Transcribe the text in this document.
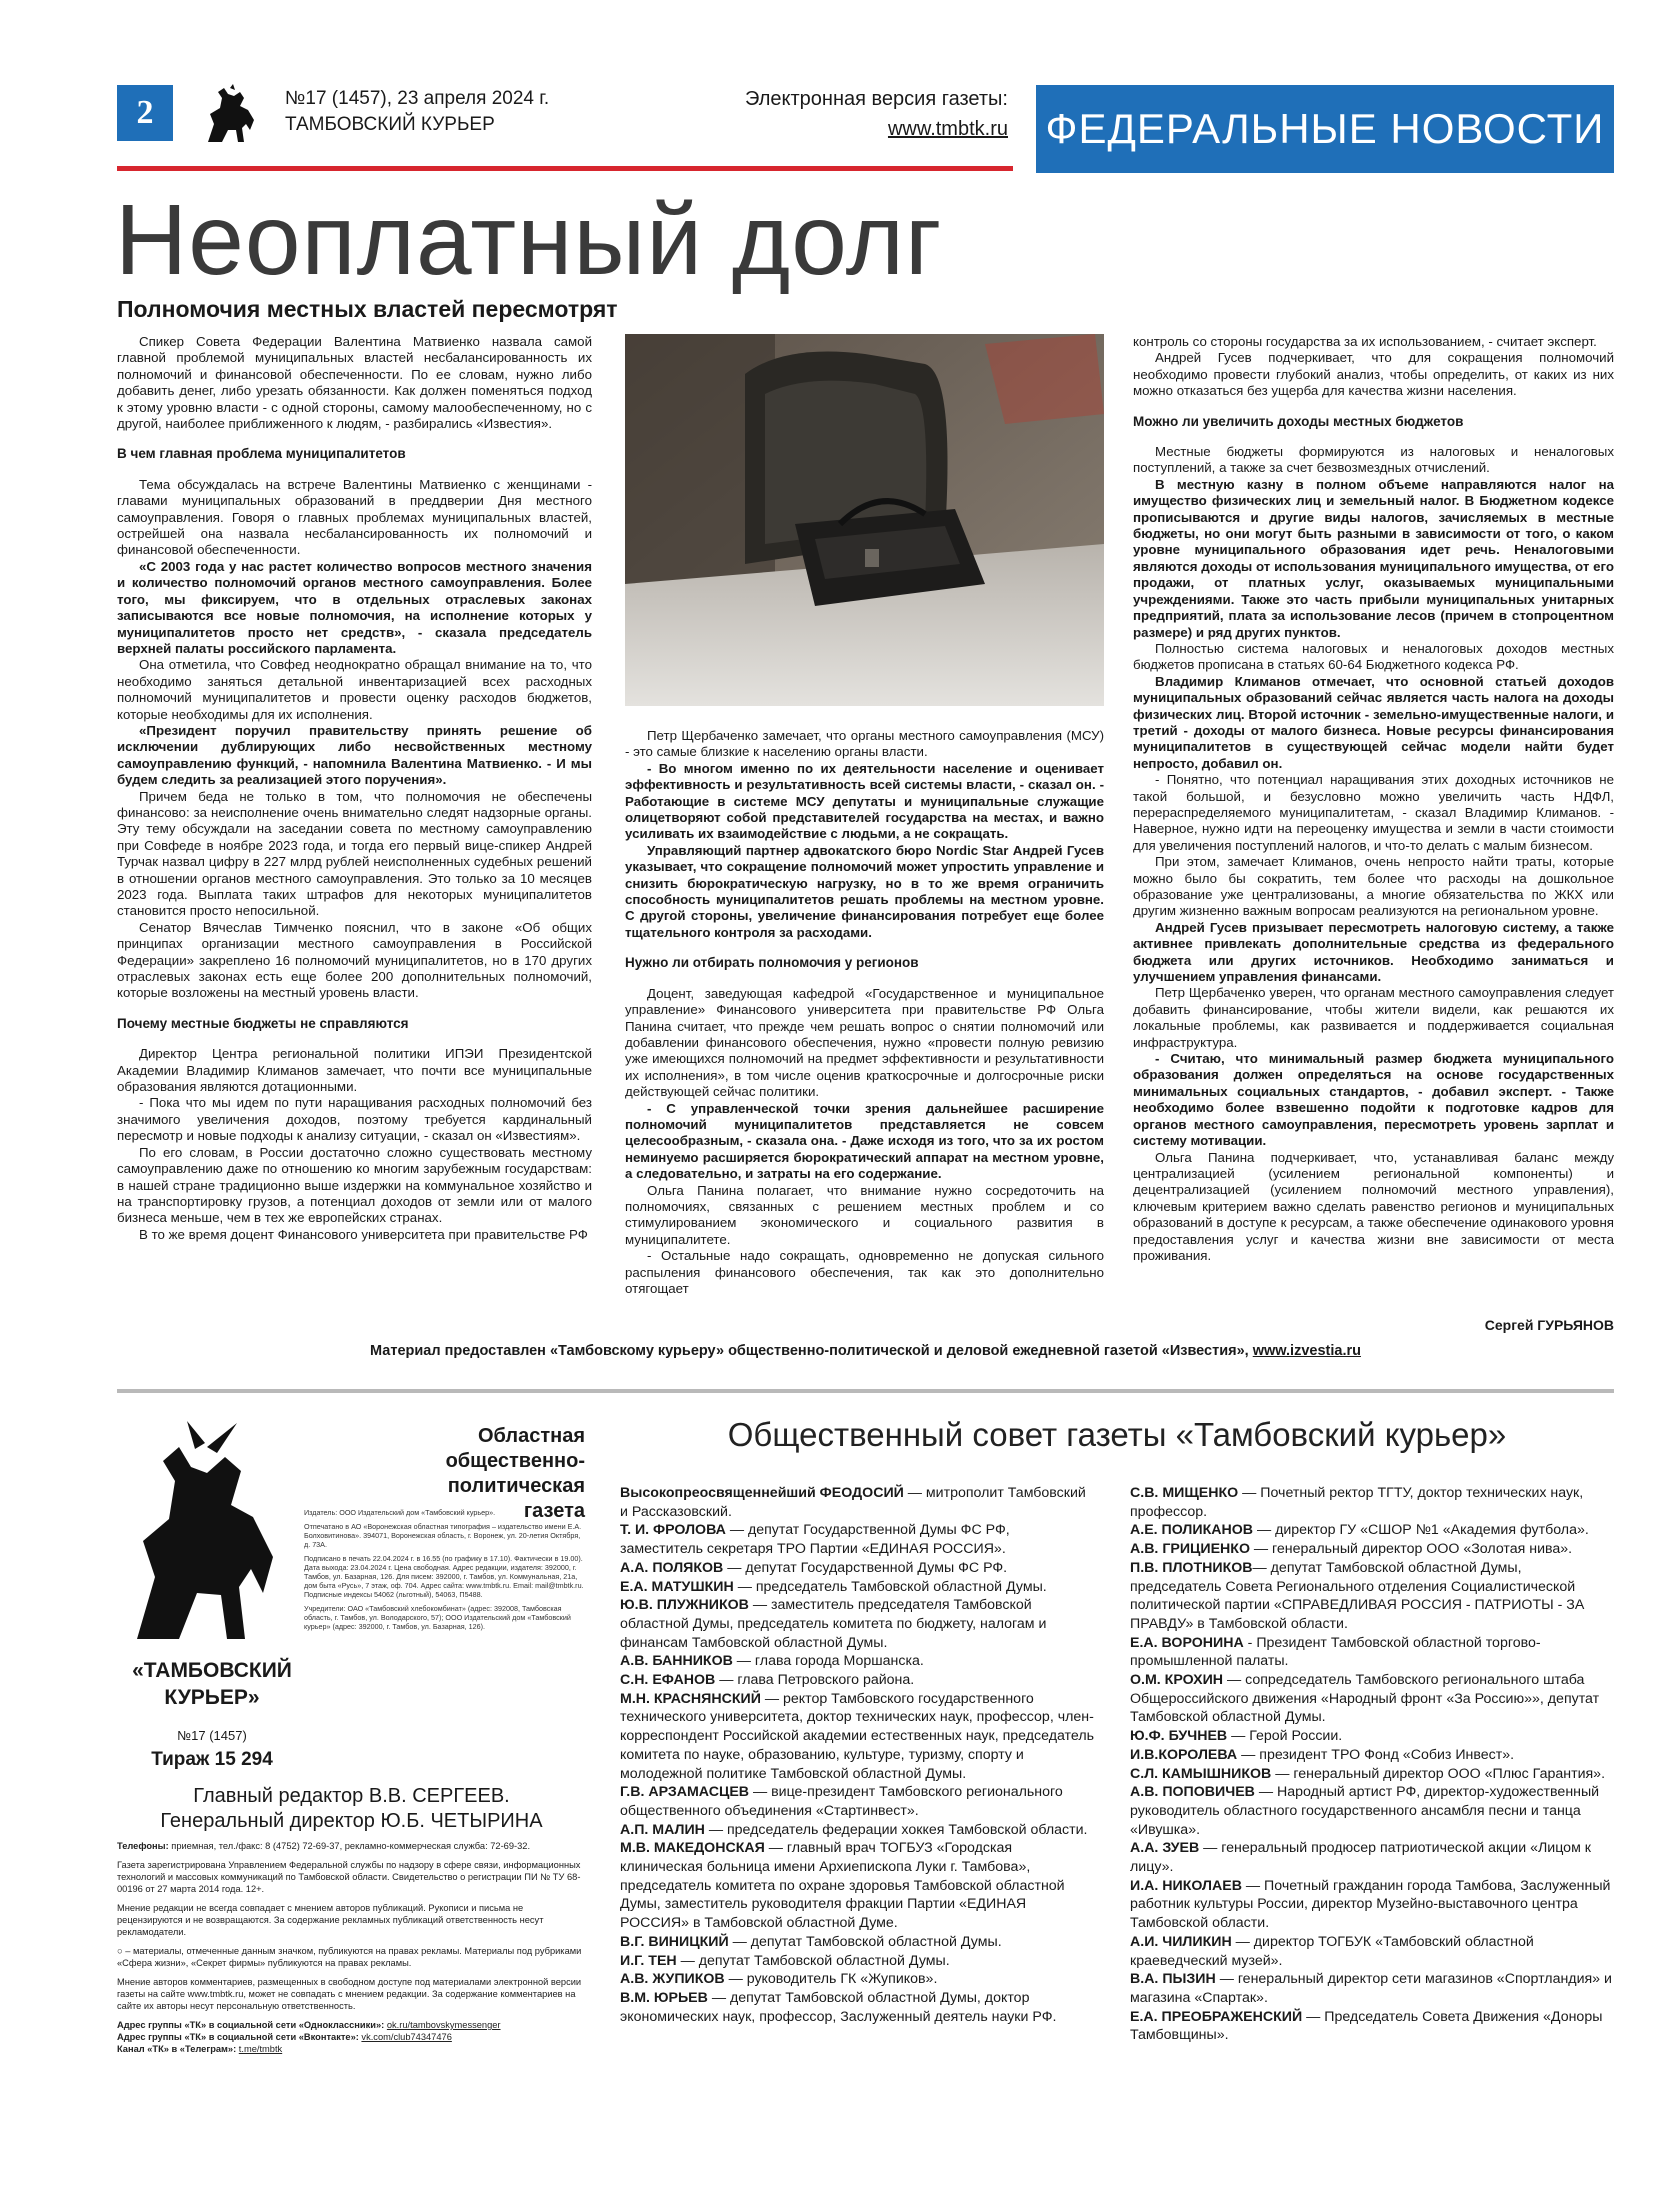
2	№17 (1457), 23 апреля 2024 г.
ТАМБОВСКИЙ КУРЬЕР
Электронная версия газеты:
www.tmbtk.ru ФЕДЕРАЛЬНЫЕ НОВОСТИ
Неоплатный долг
Полномочия местных властей пересмотрят

Спикер Совета Федерации Валентина Матвиенко назвала самой главной проблемой муниципальных властей несбалансированность их полномочий и финансовой обеспеченности. По ее словам, нужно либо добавить денег, либо урезать обязанности. Как должен поменяться подход к этому уровню власти - с одной стороны, самому малообеспеченному, но с другой, наиболее приближенного к людям, - разбирались «Известия».

В чем главная проблема муниципалитетов

Тема обсуждалась на встрече Валентины Матвиенко с женщинами - главами муниципальных образований в преддверии Дня местного самоуправления. Говоря о главных проблемах муниципальных властей, острейшей она назвала несбалансированность их полномочий и финансовой обеспеченности.

«С 2003 года у нас растет количество вопросов местного значения и количество полномочий органов местного самоуправления. Более того, мы фиксируем, что в отдельных отраслевых законах записываются все новые полномочия, на исполнение которых у муниципалитетов просто нет средств», - сказала председатель верхней палаты российского парламента.

Она отметила, что Совфед неоднократно обращал внимание на то, что необходимо заняться детальной инвентаризацией всех расходных полномочий муниципалитетов и провести оценку расходов бюджетов, которые необходимы для их исполнения.

«Президент поручил правительству принять решение об исключении дублирующих либо несвойственных местному самоуправлению функций, - напомнила Валентина Матвиенко. - И мы будем следить за реализацией этого поручения».

Причем беда не только в том, что полномочия не обеспечены финансово: за неисполнение очень внимательно следят надзорные органы. Эту тему обсуждали на заседании совета по местному самоуправлению при Совфеде в ноябре 2023 года, и тогда его первый вице-спикер Андрей Турчак назвал цифру в 227 млрд рублей неисполненных судебных решений в отношении органов местного самоуправления. Это только за 10 месяцев 2023 года. Выплата таких штрафов для некоторых муниципалитетов становится просто непосильной.

Сенатор Вячеслав Тимченко пояснил, что в законе «Об общих принципах организации местного самоуправления в Российской Федерации» закреплено 16 полномочий муниципалитетов, но в 170 других отраслевых законах есть еще более 200 дополнительных полномочий, которые возложены на местный уровень власти.

Почему местные бюджеты не справляются

Директор Центра региональной политики ИПЭИ Президентской Академии Владимир Климанов замечает, что почти все муниципальные образования являются дотационными.

- Пока что мы идем по пути наращивания расходных полномочий без значимого увеличения доходов, поэтому требуется кардинальный пересмотр и новые подходы к анализу ситуации, - сказал он «Известиям».

По его словам, в России достаточно сложно существовать местному самоуправлению даже по отношению ко многим зарубежным государствам: в нашей стране традиционно выше издержки на коммунальное хозяйство и на транспортировку грузов, а потенциал доходов от земли или от малого бизнеса меньше, чем в тех же европейских странах.

В то же время доцент Финансового университета при правительстве РФ

Петр Щербаченко замечает, что органы местного самоуправления (МСУ) - это самые близкие к населению органы власти.

- Во многом именно по их деятельности население и оценивает эффективность и результативность всей системы власти, - сказал он. - Работающие в системе МСУ депутаты и муниципальные служащие олицетворяют собой представителей государства на местах, и важно усиливать их взаимодействие с людьми, а не сокращать.

Управляющий партнер адвокатского бюро Nordic Star Андрей Гусев указывает, что сокращение полномочий может упростить управление и снизить бюрократическую нагрузку, но в то же время ограничить способность муниципалитетов решать проблемы на местном уровне. С другой стороны, увеличение финансирования потребует еще более тщательного контроля за расходами.

Нужно ли отбирать полномочия у регионов

Доцент, заведующая кафедрой «Государственное и муниципальное управление» Финансового университета при правительстве РФ Ольга Панина считает, что прежде чем решать вопрос о снятии полномочий или добавлении финансового обеспечения, нужно «провести полную ревизию уже имеющихся полномочий на предмет эффективности и результативности их исполнения», в том числе оценив краткосрочные и долгосрочные риски действующей сейчас политики.

- С управленческой точки зрения дальнейшее расширение полномочий муниципалитетов представляется не совсем целесообразным, - сказала она. - Даже исходя из того, что за их ростом неминуемо расширяется бюрократический аппарат на местном уровне, а следовательно, и затраты на его содержание.

Ольга Панина полагает, что внимание нужно сосредоточить на полномочиях, связанных с решением местных проблем и со стимулированием экономического и социального развития в муниципалитете.

- Остальные надо сокращать, одновременно не допуская сильного распыления финансового обеспечения, так как это дополнительно отягощает

контроль со стороны государства за их использованием, - считает эксперт.

Андрей Гусев подчеркивает, что для сокращения полномочий необходимо провести глубокий анализ, чтобы определить, от каких из них можно отказаться без ущерба для качества жизни населения.

Можно ли увеличить доходы местных бюджетов

Местные бюджеты формируются из налоговых и неналоговых поступлений, а также за счет безвозмездных отчислений.

В местную казну в полном объеме направляются налог на имущество физических лиц и земельный налог. В Бюджетном кодексе прописываются и другие виды налогов, зачисляемых в местные бюджеты, но они могут быть разными в зависимости от того, о каком уровне муниципального образования идет речь. Неналоговыми являются доходы от использования муниципального имущества, от его продажи, от платных услуг, оказываемых муниципальными учреждениями. Также это часть прибыли муниципальных унитарных предприятий, плата за использование лесов (причем в стопроцентном размере) и ряд других пунктов.

Полностью система налоговых и неналоговых доходов местных бюджетов прописана в статьях 60-64 Бюджетного кодекса РФ.

Владимир Климанов отмечает, что основной статьей доходов муниципальных образований сейчас является часть налога на доходы физических лиц. Второй источник - земельно-имущественные налоги, и третий - доходы от малого бизнеса. Новые ресурсы финансирования муниципалитетов в существующей сейчас модели найти будет непросто, добавил он.

- Понятно, что потенциал наращивания этих доходных источников не такой большой, и безусловно можно увеличить часть НДФЛ, перераспределяемого муниципалитетам, - сказал Владимир Климанов. - Наверное, нужно идти на переоценку имущества и земли в части стоимости для увеличения поступлений налогов, и что-то делать с малым бизнесом.

При этом, замечает Климанов, очень непросто найти траты, которые можно было бы сократить, тем более что расходы на дошкольное образование уже централизованы, а многие обязательства по ЖКХ или другим жизненно важным вопросам реализуются на региональном уровне.

Андрей Гусев призывает пересмотреть налоговую систему, а также активнее привлекать дополнительные средства из федерального бюджета или других источников. Необходимо заниматься и улучшением управления финансами.

Петр Щербаченко уверен, что органам местного самоуправления следует добавить финансирование, чтобы жители видели, как решаются их локальные проблемы, как развивается и поддерживается социальная инфраструктура.

- Считаю, что минимальный размер бюджета муниципального образования должен определяться на основе государственных минимальных социальных стандартов, - добавил эксперт. - Также необходимо более взвешенно подойти к подготовке кадров для органов местного самоуправления, пересмотреть уровень зарплат и систему мотивации.

Ольга Панина подчеркивает, что, устанавливая баланс между централизацией (усилением региональной компоненты) и децентрализацией (усилением полномочий местного управления), ключевым критерием важно сделать равенство регионов и муниципальных образований в доступе к ресурсам, а также обеспечение одинакового уровня предоставления услуг и качества жизни вне зависимости от места проживания.

Сергей ГУРЬЯНОВ
Материал предоставлен «Тамбовскому курьеру» общественно-политической и деловой ежедневной газетой «Известия», www.izvestia.ru
Областная общественно-политическая газета

Издатель: ООО Издательский дом «Тамбовский курьер».

Отпечатано в АО «Воронежская областная типография – издательство имени Е.А. Болховитинова». 394071, Воронежская область, г. Воронеж, ул. 20-летия Октября, д. 73А.

Подписано в печать 22.04.2024 г. в 16.55 (по графику в 17.10). Фактически в 19.00). Дата выхода: 23.04.2024 г. Цена свободная. Адрес редакции, издателя: 392000, г. Тамбов, ул. Базарная, 126. Для писем: 392000, г. Тамбов, ул. Коммунальная, 21а, дом быта «Русь», 7 этаж, оф. 704. Адрес сайта: www.tmbtk.ru. Email: mail@tmbtk.ru. Подписные индексы 54062 (льготный), 54063, П5488.

Учредители: ОАО «Тамбовский хлебокомбинат» (адрес: 392008, Тамбовская область, г. Тамбов, ул. Володарского, 57); ООО Издательский дом «Тамбовский курьер» (адрес: 392000, г. Тамбов, ул. Базарная, 126).

«ТАМБОВСКИЙ КУРЬЕР»
№17 (1457)
Тираж 15 294
Главный редактор В.В. СЕРГЕЕВ.
Генеральный директор Ю.Б. ЧЕТЫРИНА

Телефоны: приемная, тел./факс: 8 (4752) 72-69-37, рекламно-коммерческая служба: 72-69-32.

Газета зарегистрирована Управлением Федеральной службы по надзору в сфере связи, информационных технологий и массовых коммуникаций по Тамбовской области. Свидетельство о регистрации ПИ № ТУ 68-00196 от 27 марта 2014 года. 12+.

Мнение редакции не всегда совпадает с мнением авторов публикаций. Рукописи и письма не рецензируются и не возвращаются. За содержание рекламных публикаций ответственность несут рекламодатели.

○ – материалы, отмеченные данным значком, публикуются на правах рекламы. Материалы под рубриками «Сфера жизни», «Секрет фирмы» публикуются на правах рекламы.

Мнение авторов комментариев, размещенных в свободном доступе под материалами электронной версии газеты на сайте www.tmbtk.ru, может не совпадать с мнением редакции. За содержание комментариев на сайте их авторы несут персональную ответственность.

Адрес группы «ТК» в социальной сети «Одноклассники»: ok.ru/tambovskymessenger
Адрес группы «ТК» в социальной сети «Вконтакте»: vk.com/club74347476
Канал «ТК» в «Телеграм»: t.me/tmbtk
Общественный совет газеты «Тамбовский курьер»

Высокопреосвященнейший ФЕОДОСИЙ — митрополит Тамбовский и Рассказовский.

Т. И. ФРОЛОВА — депутат Государственной Думы ФС РФ, заместитель секретаря ТРО Партии «ЕДИНАЯ РОССИЯ».

А.А. ПОЛЯКОВ — депутат Государственной Думы ФС РФ.

Е.А. МАТУШКИН — председатель Тамбовской областной Думы.

Ю.В. ПЛУЖНИКОВ — заместитель председателя Тамбовской областной Думы, председатель комитета по бюджету, налогам и финансам Тамбовской областной Думы.

А.В. БАННИКОВ — глава города Моршанска.

С.Н. ЕФАНОВ — глава Петровского района.

М.Н. КРАСНЯНСКИЙ — ректор Тамбовского государственного технического университета, доктор технических наук, профессор, член-корреспондент Российской академии естественных наук, председатель комитета по науке, образованию, культуре, туризму, спорту и молодежной политике Тамбовской областной Думы.

Г.В. АРЗАМАСЦЕВ — вице-президент Тамбовского регионального общественного объединения «Стартинвест».

А.П. МАЛИН — председатель федерации хоккея Тамбовской области.

М.В. МАКЕДОНСКАЯ — главный врач ТОГБУЗ «Городская клиническая больница имени Архиепископа Луки г. Тамбова», председатель комитета по охране здоровья Тамбовской областной Думы, заместитель руководителя фракции Партии «ЕДИНАЯ РОССИЯ» в Тамбовской областной Думе.

В.Г. ВИНИЦКИЙ — депутат Тамбовской областной Думы.

И.Г. ТЕН — депутат Тамбовской областной Думы.

А.В. ЖУПИКОВ — руководитель ГК «Жупиков».

В.М. ЮРЬЕВ — депутат Тамбовской областной Думы, доктор экономических наук, профессор, Заслуженный деятель науки РФ.

С.В. МИЩЕНКО — Почетный ректор ТГТУ, доктор технических наук, профессор.

А.Е. ПОЛИКАНОВ — директор ГУ «СШОР №1 «Академия футбола».

А.В. ГРИЦИЕНКО — генеральный директор ООО «Золотая нива».

П.В. ПЛОТНИКОВ— депутат Тамбовской областной Думы, председатель Совета Регионального отделения Социалистической политической партии «СПРАВЕДЛИВАЯ РОССИЯ - ПАТРИОТЫ - ЗА ПРАВДУ» в Тамбовской области.

Е.А. ВОРОНИНА - Президент Тамбовской областной торгово-промышленной палаты.

О.М. КРОХИН — сопредседатель Тамбовского регионального штаба Общероссийского движения «Народный фронт «За Россию»», депутат Тамбовской областной Думы.

Ю.Ф. БУЧНЕВ — Герой России.

И.В.КОРОЛЕВА — президент ТРО Фонд «Собиз Инвест».

С.Л. КАМЫШНИКОВ — генеральный директор ООО «Плюс Гарантия».

А.В. ПОПОВИЧЕВ — Народный артист РФ, директор-художественный руководитель областного государственного ансамбля песни и танца «Ивушка».

А.А. ЗУЕВ — генеральный продюсер патриотической акции «Лицом к лицу».

И.А. НИКОЛАЕВ — Почетный гражданин города Тамбова, Заслуженный работник культуры России, директор Музейно-выставочного центра Тамбовской области.

А.И. ЧИЛИКИН — директор ТОГБУК «Тамбовский областной краеведческий музей».

В.А. ПЫЗИН — генеральный директор сети магазинов «Спортландия» и магазина «Спартак».

Е.А. ПРЕОБРАЖЕНСКИЙ — Председатель Совета Движения «Доноры Тамбовщины».
